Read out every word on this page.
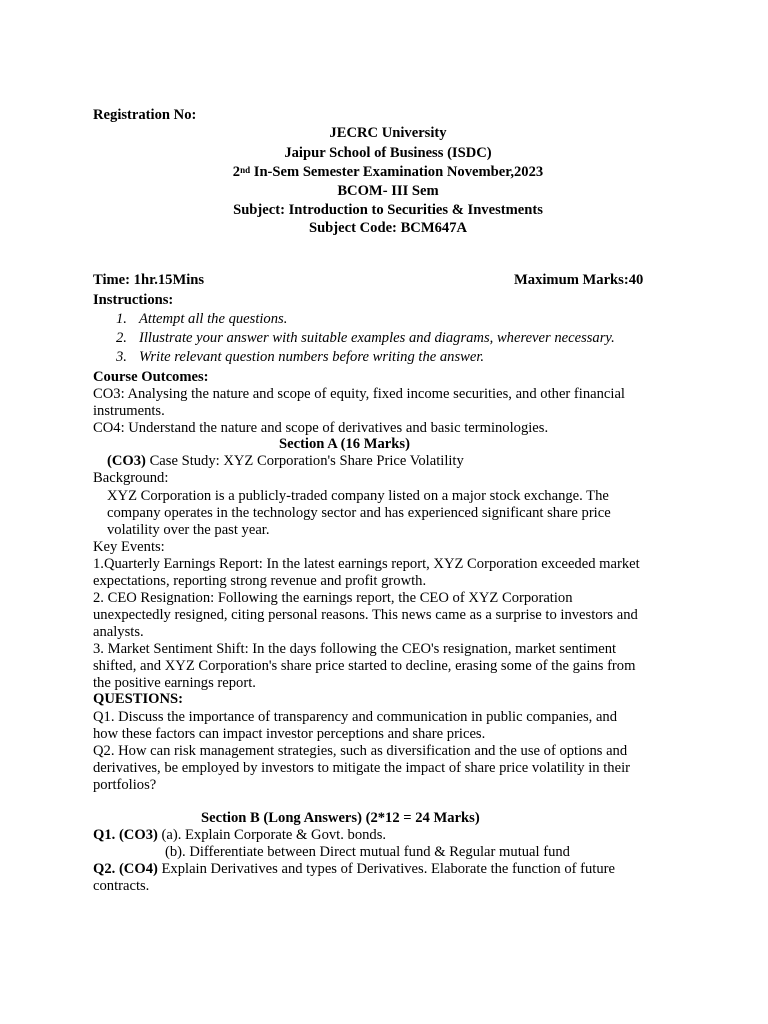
Registration No:
JECRC University
Jaipur School of Business (ISDC)
2nd In-Sem Semester Examination November,2023
BCOM- III Sem
Subject: Introduction to Securities & Investments
Subject Code: BCM647A
Time: 1hr.15Mins	Maximum Marks:40
Instructions:
1. Attempt all the questions.
2. Illustrate your answer with suitable examples and diagrams, wherever necessary.
3. Write relevant question numbers before writing the answer.
Course Outcomes:
CO3: Analysing the nature and scope of equity, fixed income securities, and other financial
instruments.
CO4: Understand the nature and scope of derivatives and basic terminologies.
Section A (16 Marks)
(CO3) Case Study: XYZ Corporation's Share Price Volatility
Background:
XYZ Corporation is a publicly-traded company listed on a major stock exchange. The
company operates in the technology sector and has experienced significant share price
volatility over the past year.
Key Events:
1.Quarterly Earnings Report: In the latest earnings report, XYZ Corporation exceeded market
expectations, reporting strong revenue and profit growth.
2. CEO Resignation: Following the earnings report, the CEO of XYZ Corporation
unexpectedly resigned, citing personal reasons. This news came as a surprise to investors and
analysts.
3. Market Sentiment Shift: In the days following the CEO's resignation, market sentiment
shifted, and XYZ Corporation's share price started to decline, erasing some of the gains from
the positive earnings report.
QUESTIONS:
Q1. Discuss the importance of transparency and communication in public companies, and
how these factors can impact investor perceptions and share prices.
Q2. How can risk management strategies, such as diversification and the use of options and
derivatives, be employed by investors to mitigate the impact of share price volatility in their
portfolios?
Section B (Long Answers) (2*12 = 24 Marks)
Q1. (CO3) (a). Explain Corporate & Govt. bonds.
(b). Differentiate between Direct mutual fund & Regular mutual fund
Q2. (CO4) Explain Derivatives and types of Derivatives. Elaborate the function of future
contracts.
